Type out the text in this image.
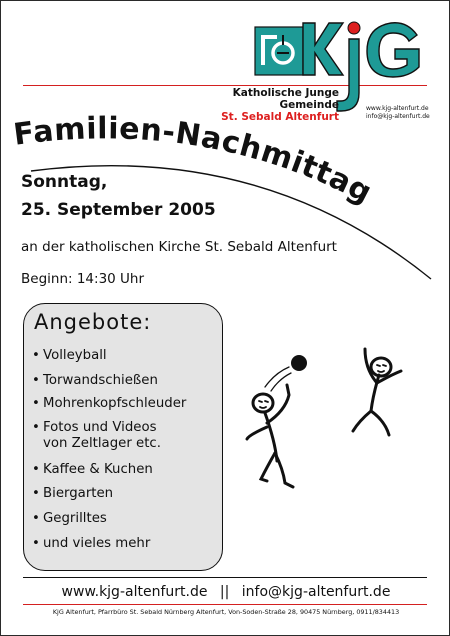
Katholische Junge
Gemeinde
St. Sebald Altenfurt
www.kjg-altenfurt.de
info@kjg-altenfurt.de
Familien-Nachmittag
Sonntag,
25. September 2005
an der katholischen Kirche St. Sebald Altenfurt
Beginn: 14:30 Uhr
Angebote:
• Volleyball
• Torwandschießen
• Mohrenkopfschleuder
• Fotos und Videos
von Zeltlager etc.
• Kaffee & Kuchen
• Biergarten
• Gegrilltes
• und vieles mehr
www.kjg-altenfurt.de || info@kjg-altenfurt.de
KjG Altenfurt, Pfarrbüro St. Sebald Nürnberg Altenfurt, Von-Soden-Straße 28, 90475 Nürnberg, 0911/834413
